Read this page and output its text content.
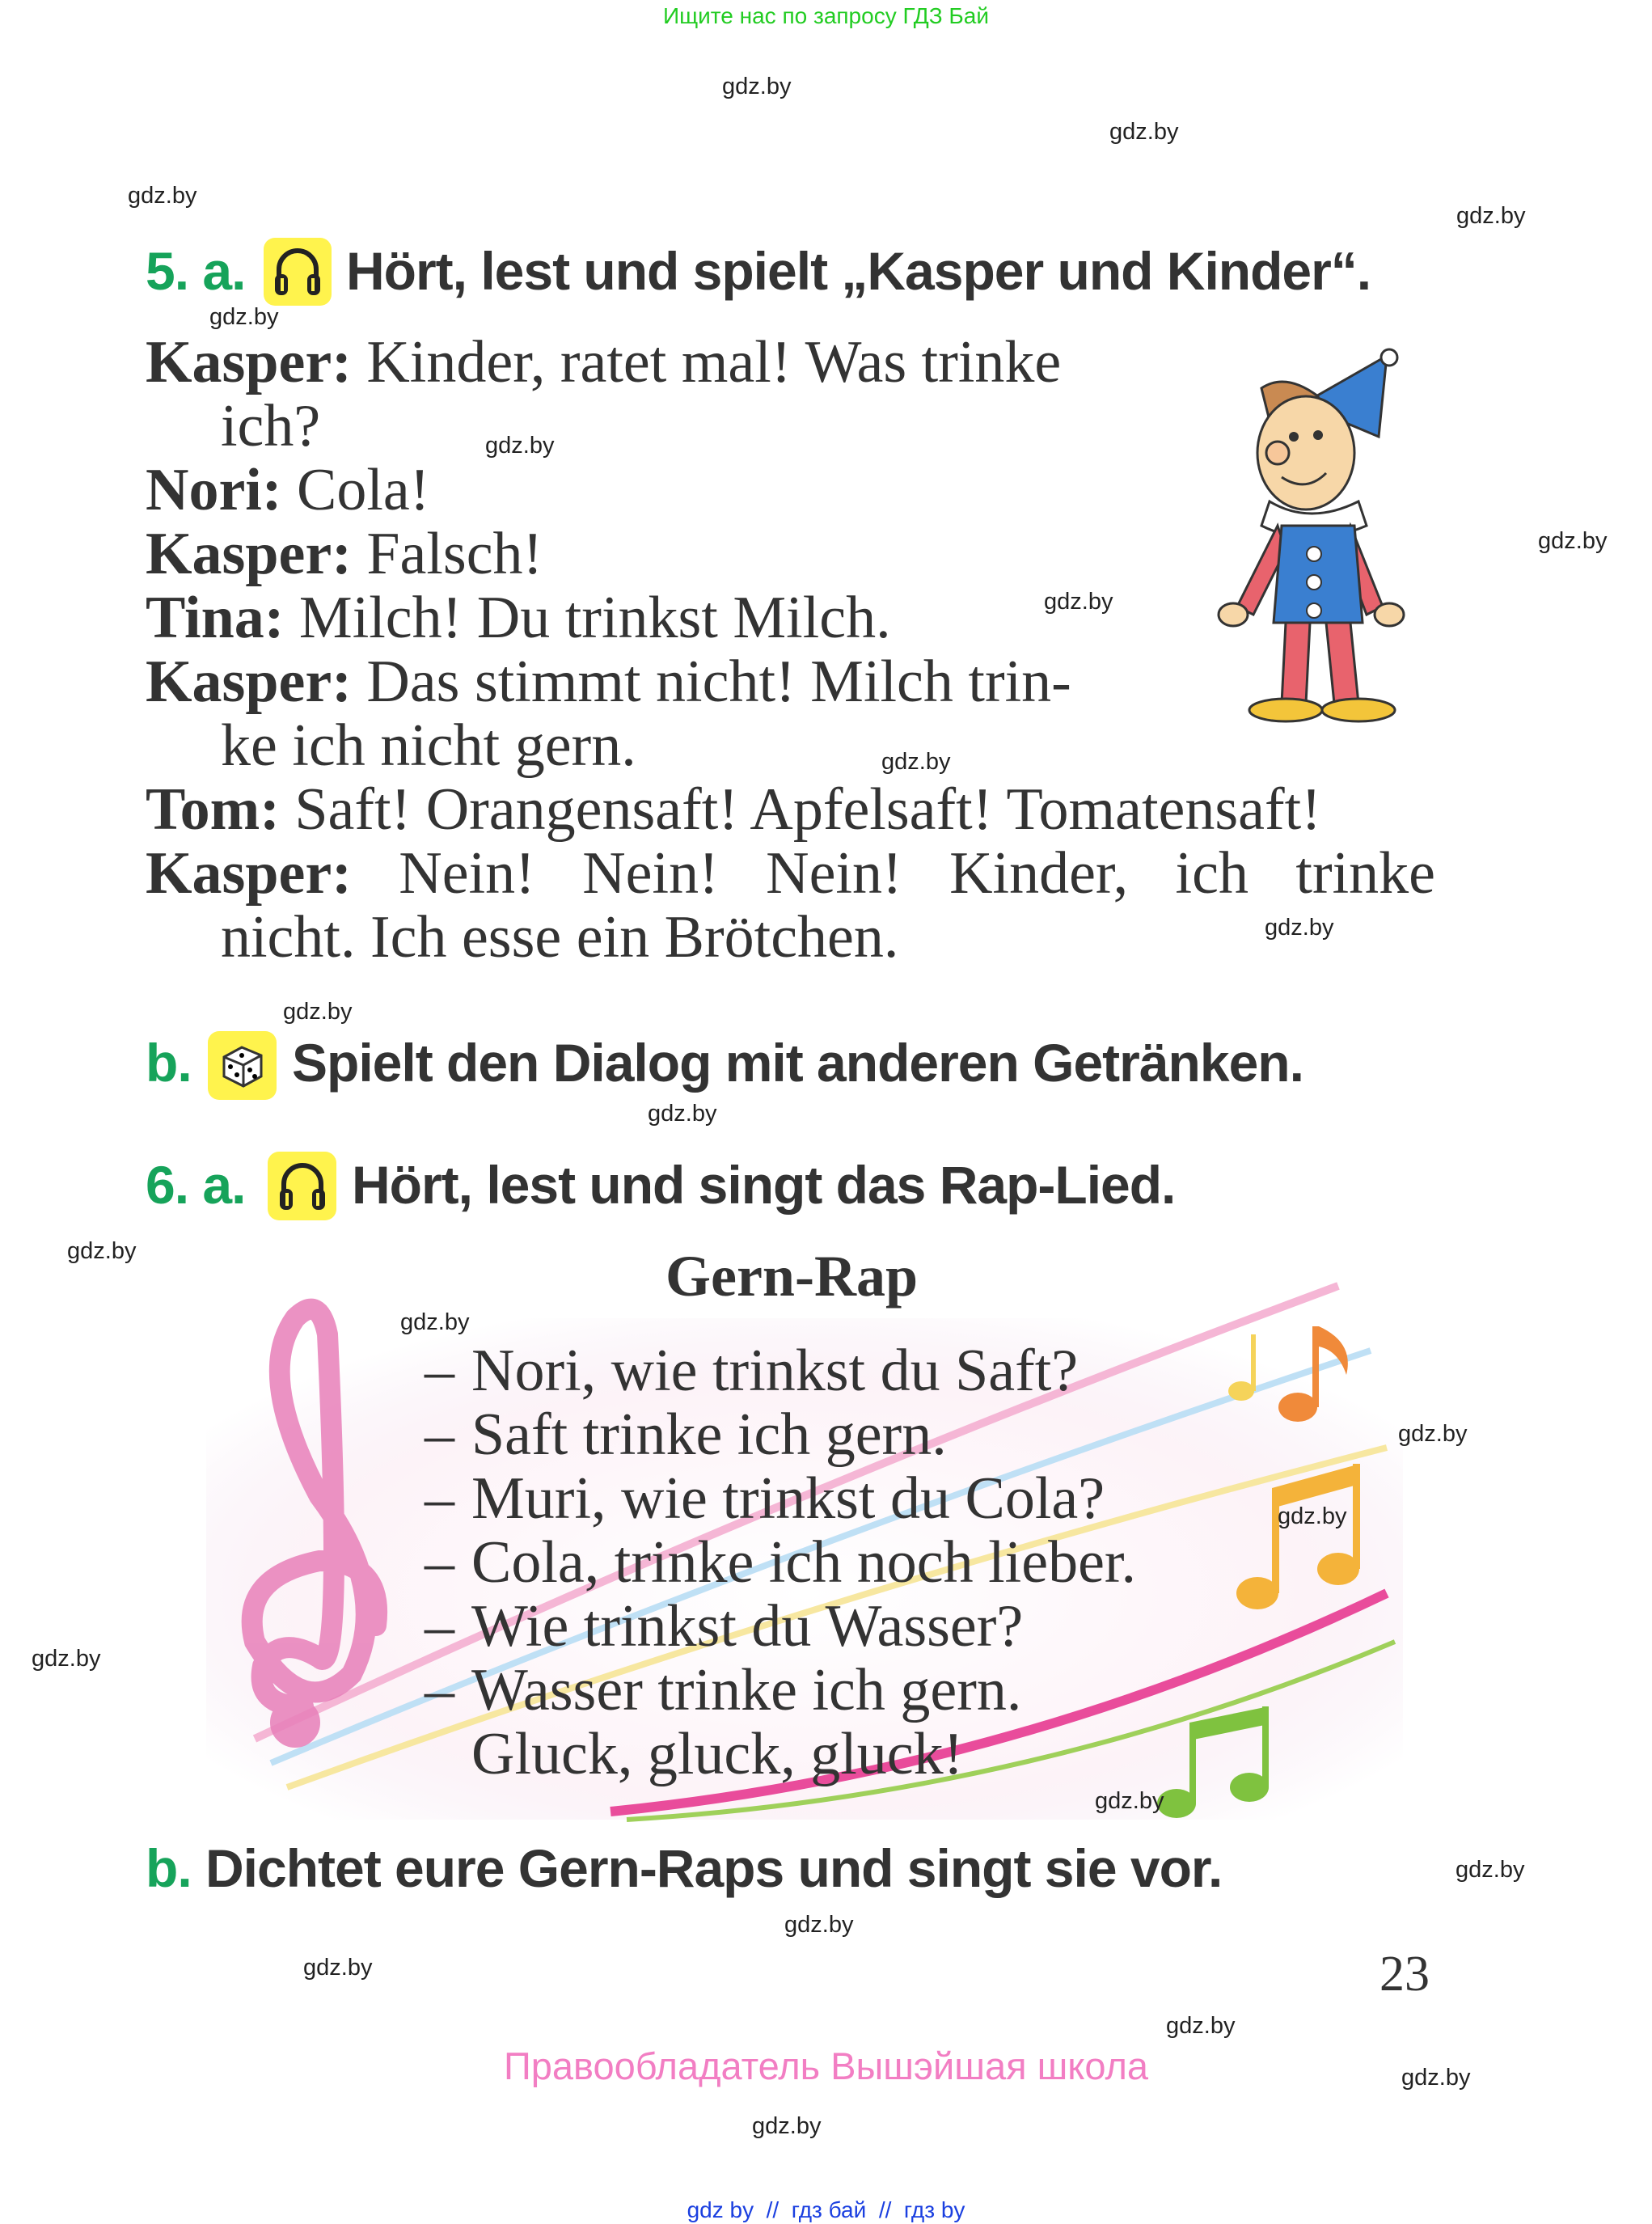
Ищите нас по запросу ГДЗ Бай
gdz.by
gdz.by
gdz.by
gdz.by
gdz.by
gdz.by
gdz.by
gdz.by
gdz.by
gdz.by
gdz.by
gdz.by
gdz.by
gdz.by
gdz.by
gdz.by
gdz.by
gdz.by
gdz.by
gdz.by
gdz.by
gdz.by
gdz.by
gdz.by
5. a. Hört, lest und spielt „Kasper und Kinder“.
Kasper: Kinder, ratet mal! Was trinke
ich?
Nori: Cola!
Kasper: Falsch!
Tina: Milch! Du trinkst Milch.
Kasper: Das stimmt nicht! Milch trin-
ke ich nicht gern.
Tom: Saft! Orangensaft! Apfelsaft! Tomatensaft!
Kasper: Nein! Nein! Nein! Kinder, ich trinke
nicht. Ich esse ein Brötchen.
b. Spielt den Dialog mit anderen Getränken.
6. a. Hört, lest und singt das Rap-Lied.
Gern-Rap
– Nori, wie trinkst du Saft?
– Saft trinke ich gern.
– Muri, wie trinkst du Cola?
– Cola, trinke ich noch lieber.
– Wie trinkst du Wasser?
– Wasser trinke ich gern.
Gluck, gluck, gluck!
b. Dichtet eure Gern-Raps und singt sie vor.
23
Правообладатель Вышэйшая школа
gdz by  //  гдз бай  //  гдз by
